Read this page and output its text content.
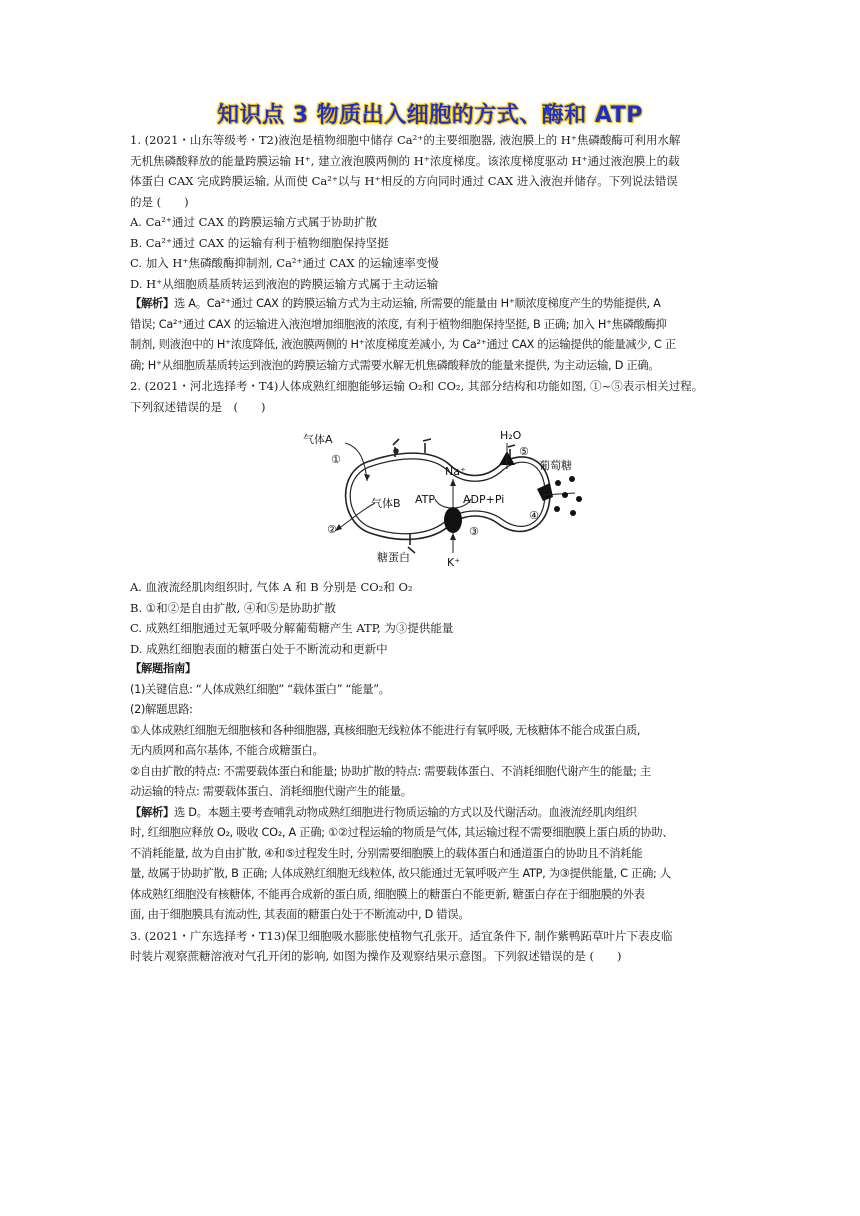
知识点 3 物质出入细胞的方式、酶和 ATP

1. (2021・山东等级考・T2)液泡是植物细胞中储存 Ca²⁺的主要细胞器, 液泡膜上的 H⁺焦磷酸酶可利用水解

无机焦磷酸释放的能量跨膜运输 H⁺, 建立液泡膜两侧的 H⁺浓度梯度。该浓度梯度驱动 H⁺通过液泡膜上的载

体蛋白 CAX 完成跨膜运输, 从而使 Ca²⁺以与 H⁺相反的方向同时通过 CAX 进入液泡并储存。下列说法错误

的是 (　　)

A. Ca²⁺通过 CAX 的跨膜运输方式属于协助扩散

B. Ca²⁺通过 CAX 的运输有利于植物细胞保持坚挺

C. 加入 H⁺焦磷酸酶抑制剂, Ca²⁺通过 CAX 的运输速率变慢

D. H⁺从细胞质基质转运到液泡的跨膜运输方式属于主动运输

【解析】选 A。Ca²⁺通过 CAX 的跨膜运输方式为主动运输, 所需要的能量由 H⁺顺浓度梯度产生的势能提供, A

错误; Ca²⁺通过 CAX 的运输进入液泡增加细胞液的浓度, 有利于植物细胞保持坚挺, B 正确; 加入 H⁺焦磷酸酶抑

制剂, 则液泡中的 H⁺浓度降低, 液泡膜两侧的 H⁺浓度梯度差减小, 为 Ca²⁺通过 CAX 的运输提供的能量减少, C 正

确; H⁺从细胞质基质转运到液泡的跨膜运输方式需要水解无机焦磷酸释放的能量来提供, 为主动运输, D 正确。

2. (2021・河北选择考・T4)人体成熟红细胞能够运输 O₂和 CO₂, 其部分结构和功能如图, ①~⑤表示相关过程。

下列叙述错误的是　(　　)

气体A
①
气体B
②
糖蛋白
Na⁺
ATP	ADP+Pi
③
K⁺
H₂O
⑤
葡萄糖
④

A. 血液流经肌肉组织时, 气体 A 和 B 分别是 CO₂和 O₂

B. ①和②是自由扩散, ④和⑤是协助扩散

C. 成熟红细胞通过无氧呼吸分解葡萄糖产生 ATP, 为③提供能量

D. 成熟红细胞表面的糖蛋白处于不断流动和更新中

【解题指南】

(1)关键信息: “人体成熟红细胞” “载体蛋白” “能量”。

(2)解题思路:

①人体成熟红细胞无细胞核和各种细胞器, 真核细胞无线粒体不能进行有氧呼吸, 无核糖体不能合成蛋白质,

无内质网和高尔基体, 不能合成糖蛋白。

②自由扩散的特点: 不需要载体蛋白和能量; 协助扩散的特点: 需要载体蛋白、不消耗细胞代谢产生的能量; 主

动运输的特点: 需要载体蛋白、消耗细胞代谢产生的能量。

【解析】选 D。本题主要考查哺乳动物成熟红细胞进行物质运输的方式以及代谢活动。血液流经肌肉组织

时, 红细胞应释放 O₂, 吸收 CO₂, A 正确; ①②过程运输的物质是气体, 其运输过程不需要细胞膜上蛋白质的协助、

不消耗能量, 故为自由扩散, ④和⑤过程发生时, 分别需要细胞膜上的载体蛋白和通道蛋白的协助且不消耗能

量, 故属于协助扩散, B 正确; 人体成熟红细胞无线粒体, 故只能通过无氧呼吸产生 ATP, 为③提供能量, C 正确; 人

体成熟红细胞没有核糖体, 不能再合成新的蛋白质, 细胞膜上的糖蛋白不能更新, 糖蛋白存在于细胞膜的外表

面, 由于细胞膜具有流动性, 其表面的糖蛋白处于不断流动中, D 错误。

3. (2021・广东选择考・T13)保卫细胞吸水膨胀使植物气孔张开。适宜条件下, 制作紫鸭跖草叶片下表皮临

时装片观察蔗糖溶液对气孔开闭的影响, 如图为操作及观察结果示意图。下列叙述错误的是 (　　)
